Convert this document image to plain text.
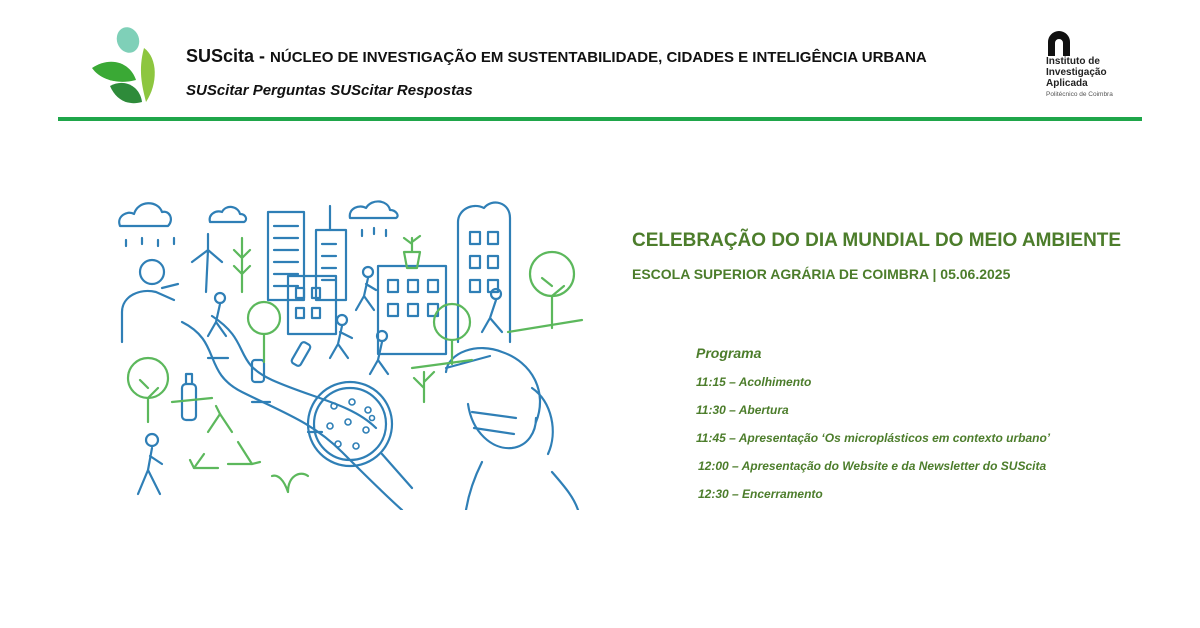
SUScita - NÚCLEO DE INVESTIGAÇÃO EM SUSTENTABILIDADE, CIDADES E INTELIGÊNCIA URBANA
SUScitar Perguntas SUScitar Respostas
Instituto de
Investigação
Aplicada
Politécnico de Coimbra
CELEBRAÇÃO DO DIA MUNDIAL DO MEIO AMBIENTE
ESCOLA SUPERIOR AGRÁRIA DE COIMBRA | 05.06.2025
Programa
11:15 – Acolhimento
11:30 – Abertura
11:45 – Apresentação ‘Os microplásticos em contexto urbano’
12:00 – Apresentação do Website e da Newsletter do SUScita
12:30 – Encerramento
